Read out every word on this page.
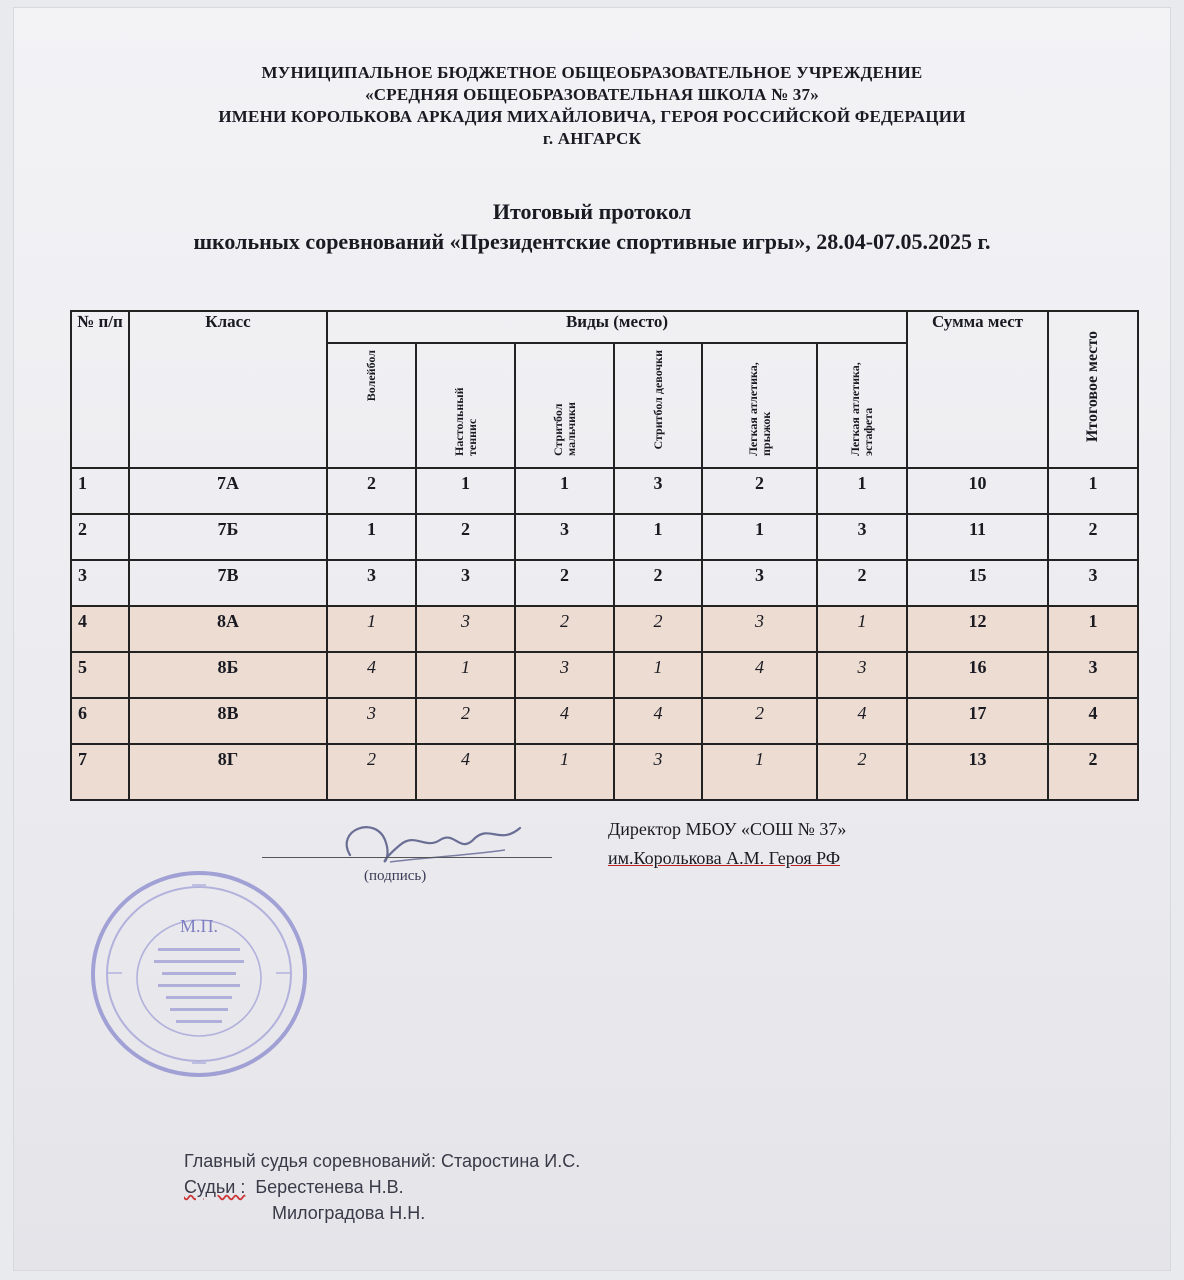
МУНИЦИПАЛЬНОЕ БЮДЖЕТНОЕ ОБЩЕОБРАЗОВАТЕЛЬНОЕ УЧРЕЖДЕНИЕ
«СРЕДНЯЯ ОБЩЕОБРАЗОВАТЕЛЬНАЯ ШКОЛА № 37»
ИМЕНИ КОРОЛЬКОВА АРКАДИЯ МИХАЙЛОВИЧА, ГЕРОЯ РОССИЙСКОЙ ФЕДЕРАЦИИ
г. АНГАРСК
Итоговый протокол
школьных соревнований «Президентские спортивные игры», 28.04-07.05.2025 г.
№ п/п	Класс	Виды (место)						Сумма мест	Итоговое место
		Волейбол	Настольный теннис	Стритбол мальчики	Стритбол девочки	Легкая атлетика, прыжок	Легкая атлетика, эстафета		
1	7А	2	1	1	3	2	1	10	1
2	7Б	1	2	3	1	1	3	11	2
3	7В	3	3	2	2	3	2	15	3
4	8А	1	3	2	2	3	1	12	1
5	8Б	4	1	3	1	4	3	16	3
6	8В	3	2	4	4	2	4	17	4
7	8Г	2	4	1	3	1	2	13	2
(подпись)
Директор МБОУ «СОШ № 37»
им.Королькова А.М. Героя РФ
М.П.
Главный судья соревнований: Старостина И.С.
Судьи : Берестенева Н.В.
Милоградова Н.Н.
